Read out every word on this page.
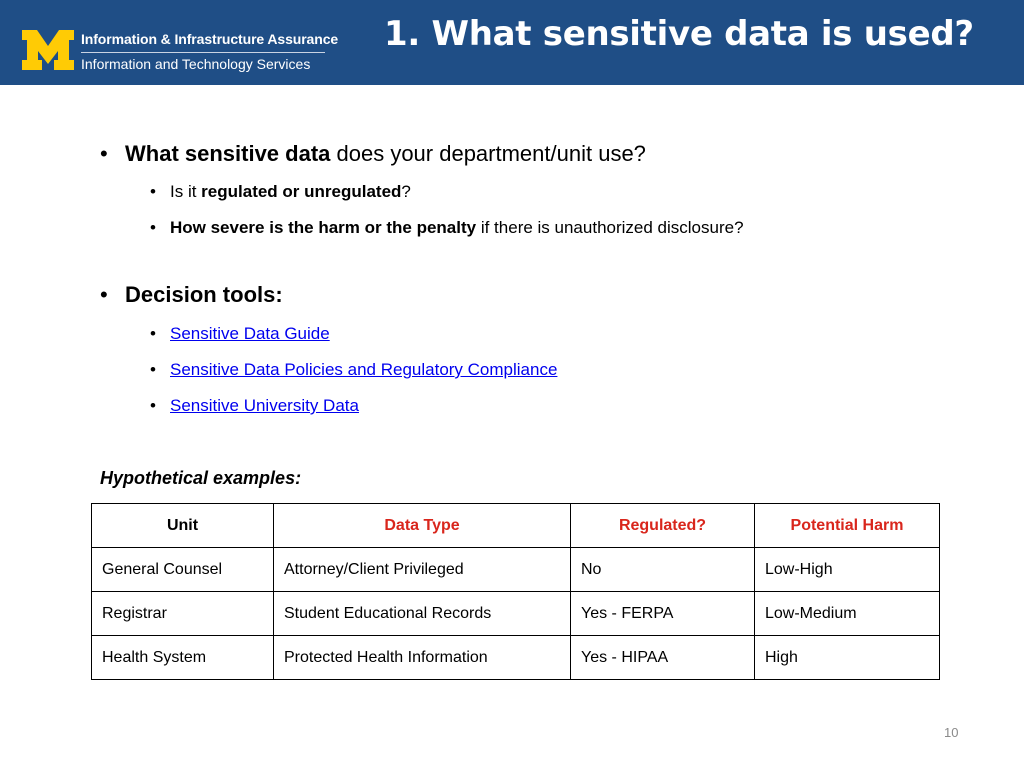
Information & Infrastructure Assurance
Information and Technology Services
1. What sensitive data is used?
• What sensitive data does your department/unit use?
• Is it regulated or unregulated?
• How severe is the harm or the penalty if there is unauthorized disclosure?
• Decision tools:
• Sensitive Data Guide
• Sensitive Data Policies and Regulatory Compliance
• Sensitive University Data
Hypothetical examples:
Unit	Data Type	Regulated?	Potential Harm
General Counsel	Attorney/Client Privileged	No	Low-High
Registrar	Student Educational Records	Yes - FERPA	Low-Medium
Health System	Protected Health Information	Yes - HIPAA	High
10
